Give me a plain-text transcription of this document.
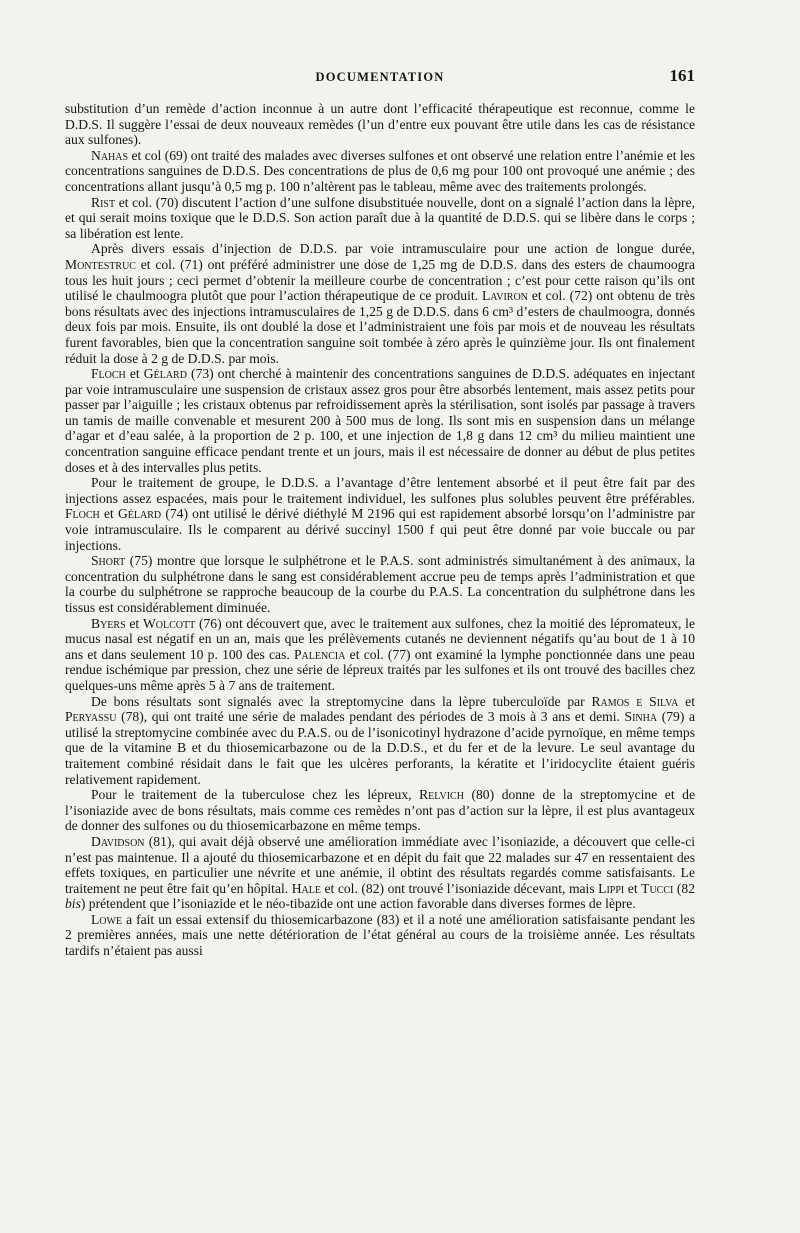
DOCUMENTATION	161

substitution d’un remède d’action inconnue à un autre dont l’efficacité thérapeutique est reconnue, comme le D.D.S. Il suggère l’essai de deux nouveaux remèdes (l’un d’entre eux pouvant être utile dans les cas de résistance aux sulfones).

Nahas et col (69) ont traité des malades avec diverses sulfones et ont observé une relation entre l’anémie et les concentrations sanguines de D.D.S. Des concentrations de plus de 0,6 mg pour 100 ont provoqué une anémie ; des concentrations allant jusqu’à 0,5 mg p. 100 n’altèrent pas le tableau, même avec des traitements prolongés.

Rist et col. (70) discutent l’action d’une sulfone disubstituée nouvelle, dont on a signalé l’action dans la lèpre, et qui serait moins toxique que le D.D.S. Son action paraît due à la quantité de D.D.S. qui se libère dans le corps ; sa libération est lente.

Après divers essais d’injection de D.D.S. par voie intramusculaire pour une action de longue durée, Montestruc et col. (71) ont préféré administrer une dose de 1,25 mg de D.D.S. dans des esters de chaumoogra tous les huit jours ; ceci permet d’obtenir la meilleure courbe de concentration ; c’est pour cette raison qu’ils ont utilisé le chaulmoogra plutôt que pour l’action thérapeutique de ce produit. Laviron et col. (72) ont obtenu de très bons résultats avec des injections intramusculaires de 1,25 g de D.D.S. dans 6 cm³ d’esters de chaulmoogra, donnés deux fois par mois. Ensuite, ils ont doublé la dose et l’administraient une fois par mois et de nouveau les résultats furent favorables, bien que la concentration sanguine soit tombée à zéro après le quinzième jour. Ils ont finalement réduit la dose à 2 g de D.D.S. par mois.

Floch et Gélard (73) ont cherché à maintenir des concentrations sanguines de D.D.S. adéquates en injectant par voie intramusculaire une suspension de cristaux assez gros pour être absorbés lentement, mais assez petits pour passer par l’aiguille ; les cristaux obtenus par refroidissement après la stérilisation, sont isolés par passage à travers un tamis de maille convenable et mesurent 200 à 500 mus de long. Ils sont mis en suspension dans un mélange d’agar et d’eau salée, à la proportion de 2 p. 100, et une injection de 1,8 g dans 12 cm³ du milieu maintient une concentration sanguine efficace pendant trente et un jours, mais il est nécessaire de donner au début de plus petites doses et à des intervalles plus petits.

Pour le traitement de groupe, le D.D.S. a l’avantage d’être lentement absorbé et il peut être fait par des injections assez espacées, mais pour le traitement individuel, les sulfones plus solubles peuvent être préférables. Floch et Gélard (74) ont utilisé le dérivé diéthylé M 2196 qui est rapidement absorbé lorsqu’on l’administre par voie intramusculaire. Ils le comparent au dérivé succinyl 1500 f qui peut être donné par voie buccale ou par injections.

Short (75) montre que lorsque le sulphétrone et le P.A.S. sont administrés simultanément à des animaux, la concentration du sulphétrone dans le sang est considérablement accrue peu de temps après l’administration et que la courbe du sulphétrone se rapproche beaucoup de la courbe du P.A.S. La concentration du sulphétrone dans les tissus est considérablement diminuée.

Byers et Wolcott (76) ont découvert que, avec le traitement aux sulfones, chez la moitié des lépromateux, le mucus nasal est négatif en un an, mais que les prélèvements cutanés ne deviennent négatifs qu’au bout de 1 à 10 ans et dans seulement 10 p. 100 des cas. Palencia et col. (77) ont examiné la lymphe ponctionnée dans une peau rendue ischémique par pression, chez une série de lépreux traités par les sulfones et ils ont trouvé des bacilles chez quelques-uns même après 5 à 7 ans de traitement.

De bons résultats sont signalés avec la streptomycine dans la lèpre tuberculoïde par Ramos e Silva et Peryassu (78), qui ont traité une série de malades pendant des périodes de 3 mois à 3 ans et demi. Sinha (79) a utilisé la streptomycine combinée avec du P.A.S. ou de l’isonicotinyl hydrazone d’acide pyrnoïque, en même temps que de la vitamine B et du thiosemicarbazone ou de la D.D.S., et du fer et de la levure. Le seul avantage du traitement combiné résidait dans le fait que les ulcères perforants, la kératite et l’iridocyclite étaient guéris relativement rapidement.

Pour le traitement de la tuberculose chez les lépreux, Relvich (80) donne de la streptomycine et de l’isoniazide avec de bons résultats, mais comme ces remèdes n’ont pas d’action sur la lèpre, il est plus avantageux de donner des sulfones ou du thiosemicarbazone en même temps.

Davidson (81), qui avait déjà observé une amélioration immédiate avec l’isoniazide, a découvert que celle-ci n’est pas maintenue. Il a ajouté du thiosemicarbazone et en dépit du fait que 22 malades sur 47 en ressentaient des effets toxiques, en particulier une névrite et une anémie, il obtint des résultats regardés comme satisfaisants. Le traitement ne peut être fait qu’en hôpital. Hale et col. (82) ont trouvé l’isoniazide décevant, mais Lippi et Tucci (82 bis) prétendent que l’isoniazide et le néo-tibazide ont une action favorable dans diverses formes de lèpre.

Lowe a fait un essai extensif du thiosemicarbazone (83) et il a noté une amélioration satisfaisante pendant les 2 premières années, mais une nette détérioration de l’état général au cours de la troisième année. Les résultats tardifs n’étaient pas aussi
